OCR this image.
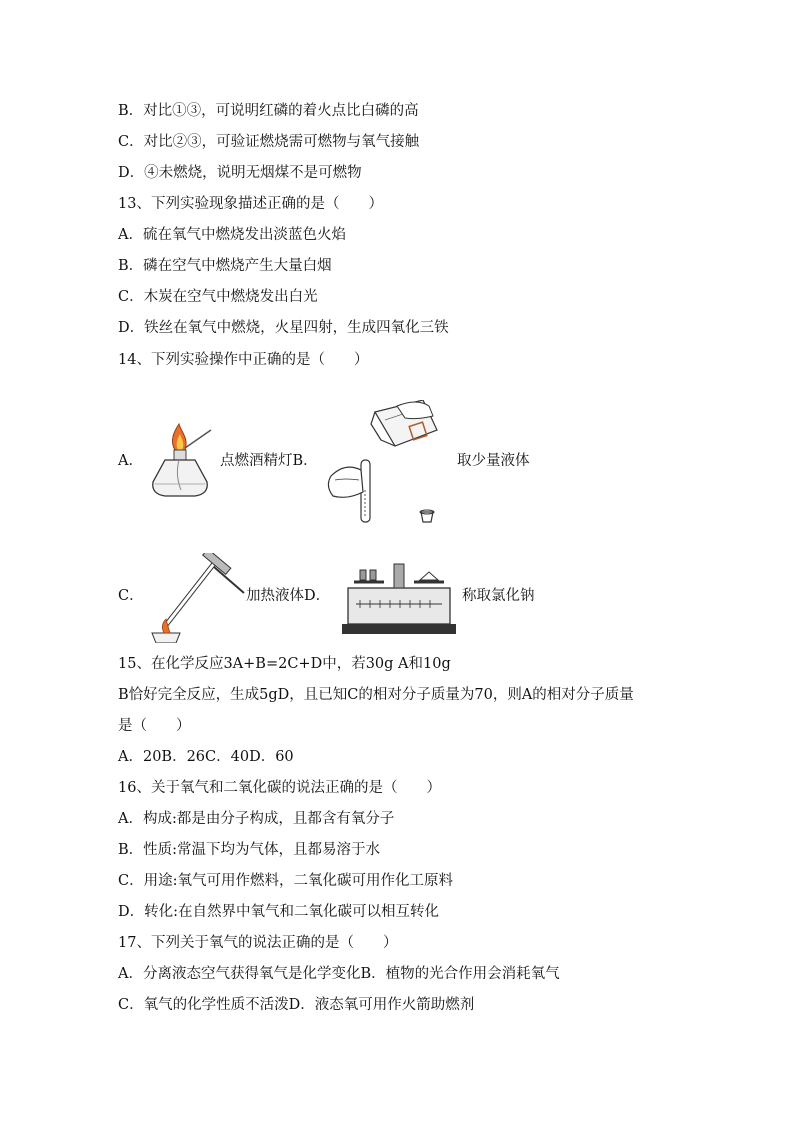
B．对比①③，可说明红磷的着火点比白磷的高
C．对比②③，可验证燃烧需可燃物与氧气接触
D．④未燃烧，说明无烟煤不是可燃物
13、下列实验现象描述正确的是（　　）
A．硫在氧气中燃烧发出淡蓝色火焰
B．磷在空气中燃烧产生大量白烟
C．木炭在空气中燃烧发出白光
D．铁丝在氧气中燃烧，火星四射，生成四氧化三铁
14、下列实验操作中正确的是（　　）
A．	点燃酒精灯B．	取少量液体
C．	加热液体D．	称取氯化钠
15、在化学反应3A+B=2C+D中，若30g A和10g
B恰好完全反应，生成5gD，且已知C的相对分子质量为70，则A的相对分子质量
是（　　）
A．20B．26C．40D．60
16、关于氧气和二氧化碳的说法正确的是（　　）
A．构成:都是由分子构成，且都含有氧分子
B．性质:常温下均为气体，且都易溶于水
C．用途:氧气可用作燃料，二氧化碳可用作化工原料
D．转化:在自然界中氧气和二氧化碳可以相互转化
17、下列关于氧气的说法正确的是（　　）
A．分离液态空气获得氧气是化学变化B．植物的光合作用会消耗氧气
C．氧气的化学性质不活泼D．液态氧可用作火箭助燃剂
